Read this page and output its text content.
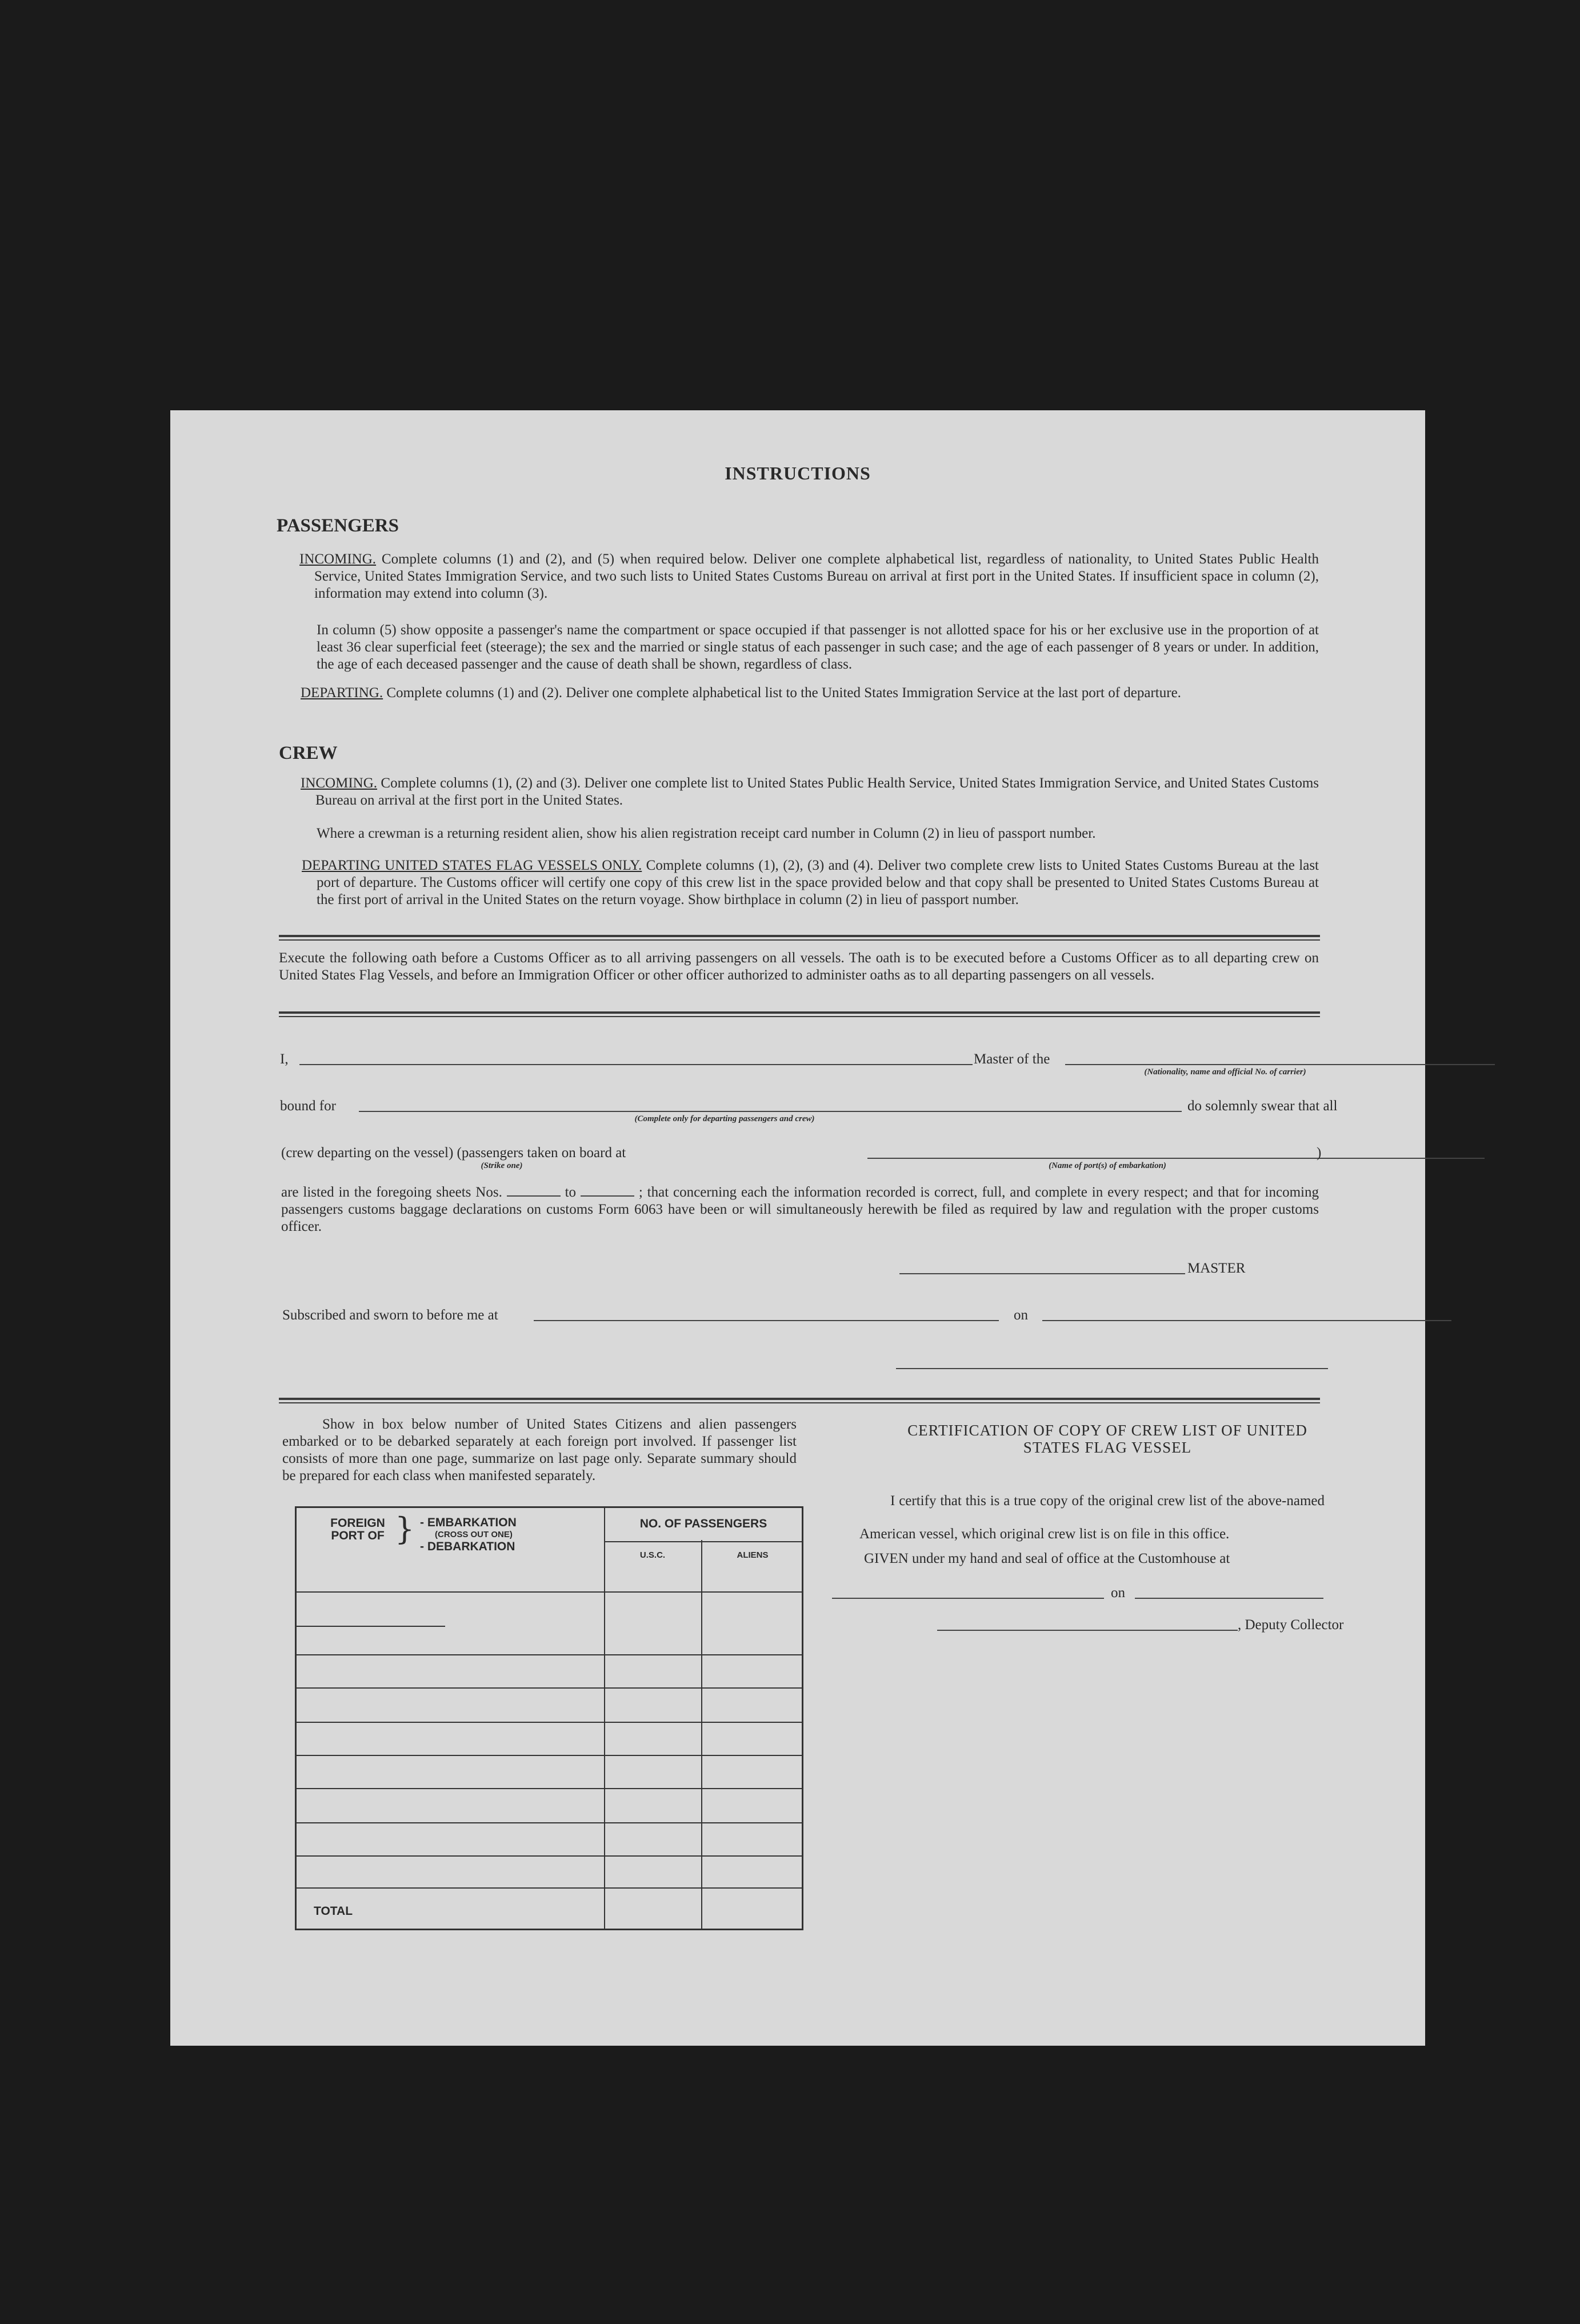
INSTRUCTIONS
PASSENGERS
INCOMING. Complete columns (1) and (2), and (5) when required below. Deliver one complete alphabetical list, regardless of nationality, to United States Public Health Service, United States Immigration Service, and two such lists to United States Customs Bureau on arrival at first port in the United States. If insufficient space in column (2), information may extend into column (3).
In column (5) show opposite a passenger's name the compartment or space occupied if that passenger is not allotted space for his or her exclusive use in the proportion of at least 36 clear superficial feet (steerage); the sex and the married or single status of each passenger in such case; and the age of each passenger of 8 years or under. In addition, the age of each deceased passenger and the cause of death shall be shown, regardless of class.
DEPARTING. Complete columns (1) and (2). Deliver one complete alphabetical list to the United States Immigration Service at the last port of departure.
CREW
INCOMING. Complete columns (1), (2) and (3). Deliver one complete list to United States Public Health Service, United States Immigration Service, and United States Customs Bureau on arrival at the first port in the United States.
Where a crewman is a returning resident alien, show his alien registration receipt card number in Column (2) in lieu of passport number.
DEPARTING UNITED STATES FLAG VESSELS ONLY. Complete columns (1), (2), (3) and (4). Deliver two complete crew lists to United States Customs Bureau at the last port of departure. The Customs officer will certify one copy of this crew list in the space provided below and that copy shall be presented to United States Customs Bureau at the first port of arrival in the United States on the return voyage. Show birthplace in column (2) in lieu of passport number.
Execute the following oath before a Customs Officer as to all arriving passengers on all vessels. The oath is to be executed before a Customs Officer as to all departing crew on United States Flag Vessels, and before an Immigration Officer or other officer authorized to administer oaths as to all departing passengers on all vessels.
I,	Master of the
(Nationality, name and official No. of carrier)
bound for
(Complete only for departing passengers and crew)
do solemnly swear that all
(crew departing on the vessel) (passengers taken on board at	)
(Strike one)	(Name of port(s) of embarkation)
are listed in the foregoing sheets Nos.	to	; that concerning each the information recorded is correct, full, and complete in every respect; and that for incoming passengers customs baggage declarations on customs Form 6063 have been or will simultaneously herewith be filed as required by law and regulation with the proper customs officer.
MASTER
Subscribed and sworn to before me at	on
Show in box below number of United States Citizens and alien passengers embarked or to be debarked separately at each foreign port involved. If passenger list consists of more than one page, summarize on last page only. Separate summary should be prepared for each class when manifested separately.
FOREIGN PORT OF } - EMBARKATION
(CROSS OUT ONE)
- DEBARKATION
NO. OF PASSENGERS
U.S.C.	ALIENS
TOTAL
CERTIFICATION OF COPY OF CREW LIST OF UNITED STATES FLAG VESSEL
I certify that this is a true copy of the original crew list of the above-named American vessel, which original crew list is on file in this office.
GIVEN under my hand and seal of office at the Customhouse at
on
, Deputy Collector
